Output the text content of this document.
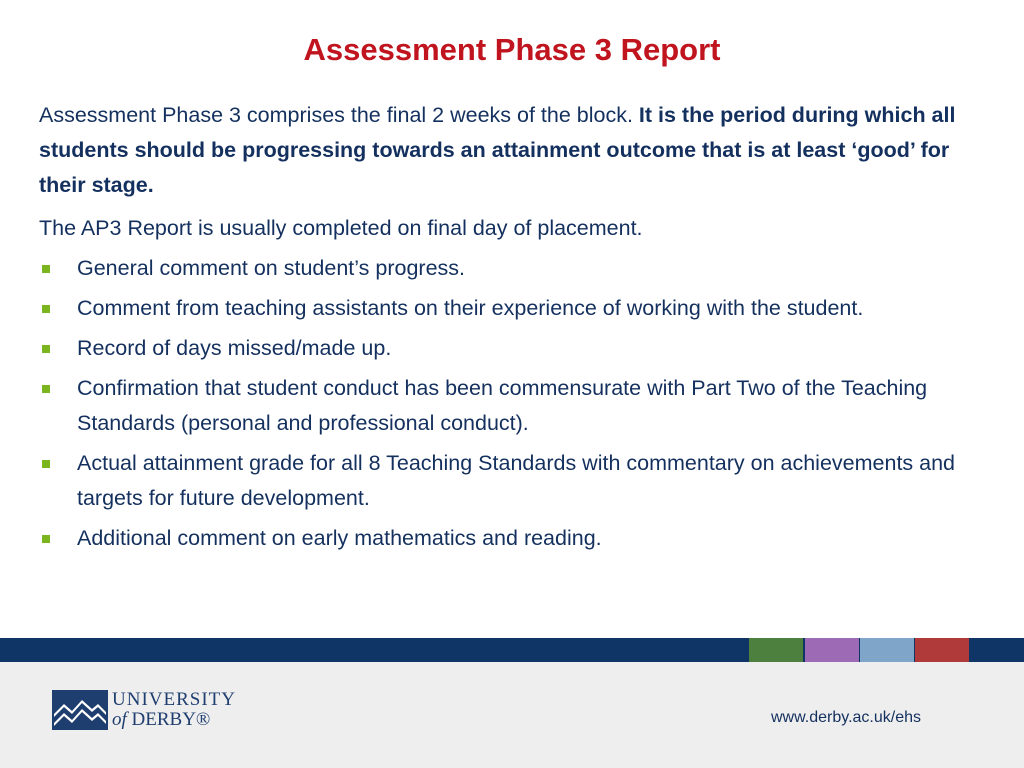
Assessment Phase 3 Report

Assessment Phase 3 comprises the final 2 weeks of the block. It is the period during which all students should be progressing towards an attainment outcome that is at least ‘good’ for their stage.

The AP3 Report is usually completed on final day of placement.

General comment on student’s progress.
Comment from teaching assistants on their experience of working with the student.
Record of days missed/made up.
Confirmation that student conduct has been commensurate with Part Two of the Teaching Standards (personal and professional conduct).
Actual attainment grade for all 8 Teaching Standards with commentary on achievements and targets for future development.
Additional comment on early mathematics and reading.
UNIVERSITY
of DERBY®	www.derby.ac.uk/ehs
